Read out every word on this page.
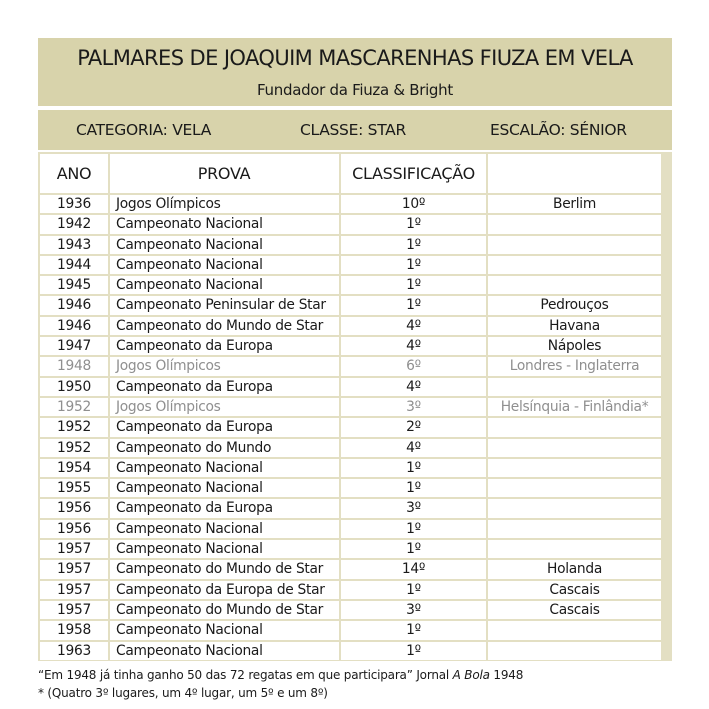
PALMARES DE JOAQUIM MASCARENHAS FIUZA EM VELA
Fundador da Fiuza & Bright
CATEGORIA: VELA	CLASSE: STAR	ESCALÃO: SÉNIOR
ANO	PROVA	CLASSIFICAÇÃO	
1936	Jogos Olímpicos	10º	Berlim
1942	Campeonato Nacional	1º	
1943	Campeonato Nacional	1º	
1944	Campeonato Nacional	1º	
1945	Campeonato Nacional	1º	
1946	Campeonato Peninsular de Star	1º	Pedrouços
1946	Campeonato do Mundo de Star	4º	Havana
1947	Campeonato da Europa	4º	Nápoles
1948	Jogos Olímpicos	6º	Londres - Inglaterra
1950	Campeonato da Europa	4º	
1952	Jogos Olímpicos	3º	Helsínquia - Finlândia*
1952	Campeonato da Europa	2º	
1952	Campeonato do Mundo	4º	
1954	Campeonato Nacional	1º	
1955	Campeonato Nacional	1º	
1956	Campeonato da Europa	3º	
1956	Campeonato Nacional	1º	
1957	Campeonato Nacional	1º	
1957	Campeonato do Mundo de Star	14º	Holanda
1957	Campeonato da Europa de Star	1º	Cascais
1957	Campeonato do Mundo de Star	3º	Cascais
1958	Campeonato Nacional	1º	
1963	Campeonato Nacional	1º	
“Em 1948 já tinha ganho 50 das 72 regatas em que participara” Jornal A Bola 1948
* (Quatro 3º lugares, um 4º lugar, um 5º e um 8º)
